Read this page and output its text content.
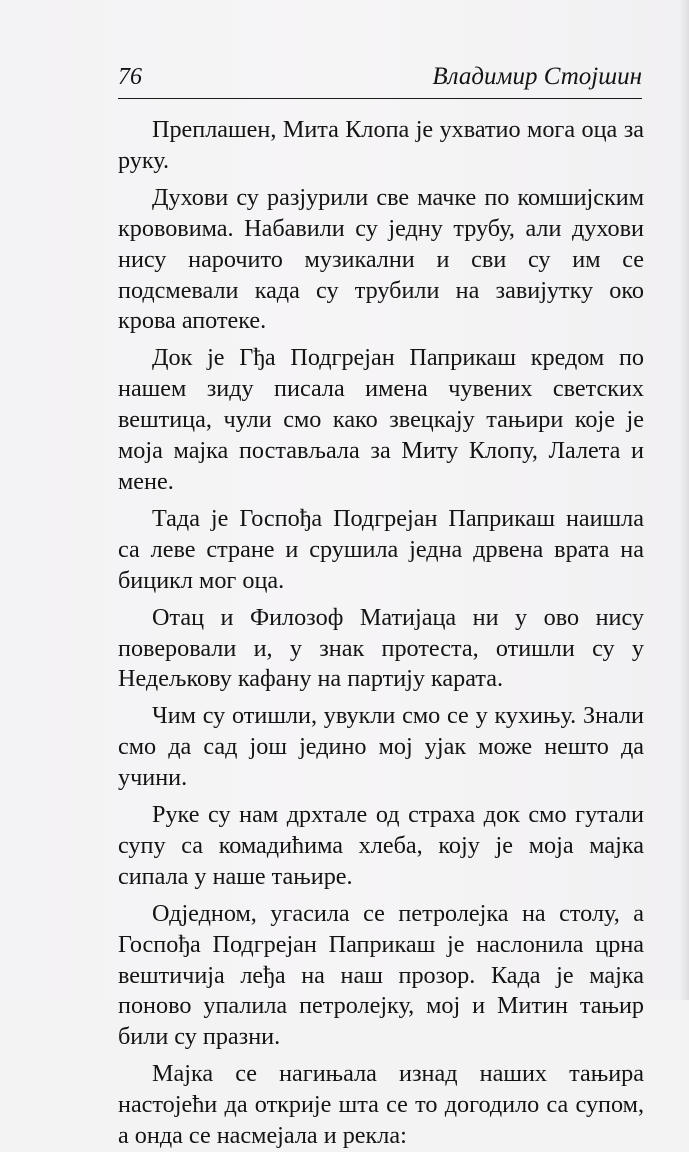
76	Владимир Стојшин

Преплашен, Мита Клопа је ухватио мога оца за руку.

Духови су разјурили све мачке по комшијским крововима. Набавили су једну трубу, али духови нису нарочито музикални и сви су им се подсмевали када су трубили на завијутку око крова апотеке.

Док је Гђа Подгрејан Паприкаш кредом по нашем зиду писала имена чувених светских вештица, чули смо како звецкају тањири које је моја мајка постављала за Миту Клопу, Лалета и мене.

Тада је Госпођа Подгрејан Паприкаш наишла са леве стране и срушила једна дрвена врата на бицикл мог оца.

Отац и Филозоф Матијаца ни у ово нису поверовали и, у знак протеста, отишли су у Недељкову кафану на партију карата.

Чим су отишли, увукли смо се у кухињу. Знали смо да сад још једино мој ујак може нешто да учини.

Руке су нам дрхтале од страха док смо гутали супу са комадићима хлеба, коју је моја мајка сипала у наше тањире.

Одједном, угасила се петролејка на столу, а Госпођа Подгрејан Паприкаш је наслонила црна вештичија леђа на наш прозор. Када је мајка поново упалила петролејку, мој и Митин тањир били су празни.

Мајка се нагињала изнад наших тањира настојећи да открије шта се то догодило са супом, а онда се насмејала и рекла:
